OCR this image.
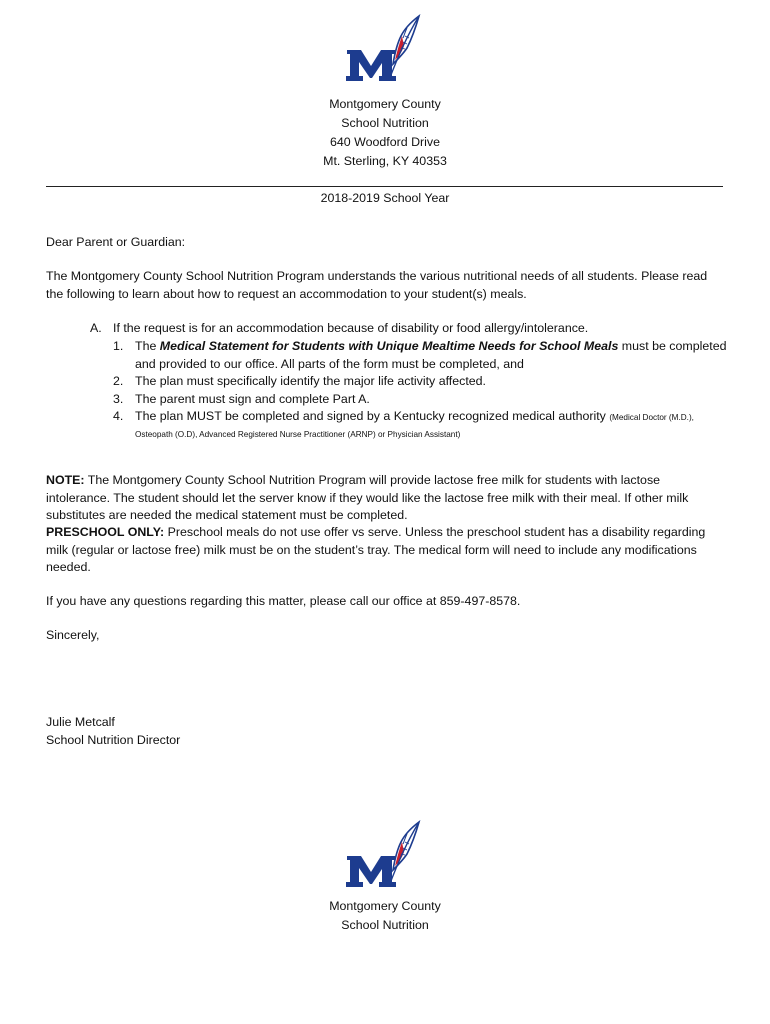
Montgomery County
School Nutrition
640 Woodford Drive
Mt. Sterling, KY 40353
2018-2019 School Year
Dear Parent or Guardian:
The Montgomery County School Nutrition Program understands the various nutritional needs of all students. Please read the following to learn about how to request an accommodation to your student(s) meals.
A. If the request is for an accommodation because of disability or food allergy/intolerance.
1. The Medical Statement for Students with Unique Mealtime Needs for School Meals must be completed and provided to our office. All parts of the form must be completed, and
2. The plan must specifically identify the major life activity affected.
3. The parent must sign and complete Part A.
4. The plan MUST be completed and signed by a Kentucky recognized medical authority (Medical Doctor (M.D.),
Osteopath (O.D), Advanced Registered Nurse Practitioner (ARNP) or Physician Assistant)
NOTE: The Montgomery County School Nutrition Program will provide lactose free milk for students with lactose intolerance. The student should let the server know if they would like the lactose free milk with their meal. If other milk substitutes are needed the medical statement must be completed.
PRESCHOOL ONLY: Preschool meals do not use offer vs serve. Unless the preschool student has a disability regarding milk (regular or lactose free) milk must be on the student’s tray. The medical form will need to include any modifications needed.
If you have any questions regarding this matter, please call our office at 859-497-8578.
Sincerely,
Julie Metcalf
School Nutrition Director
Montgomery County
School Nutrition
